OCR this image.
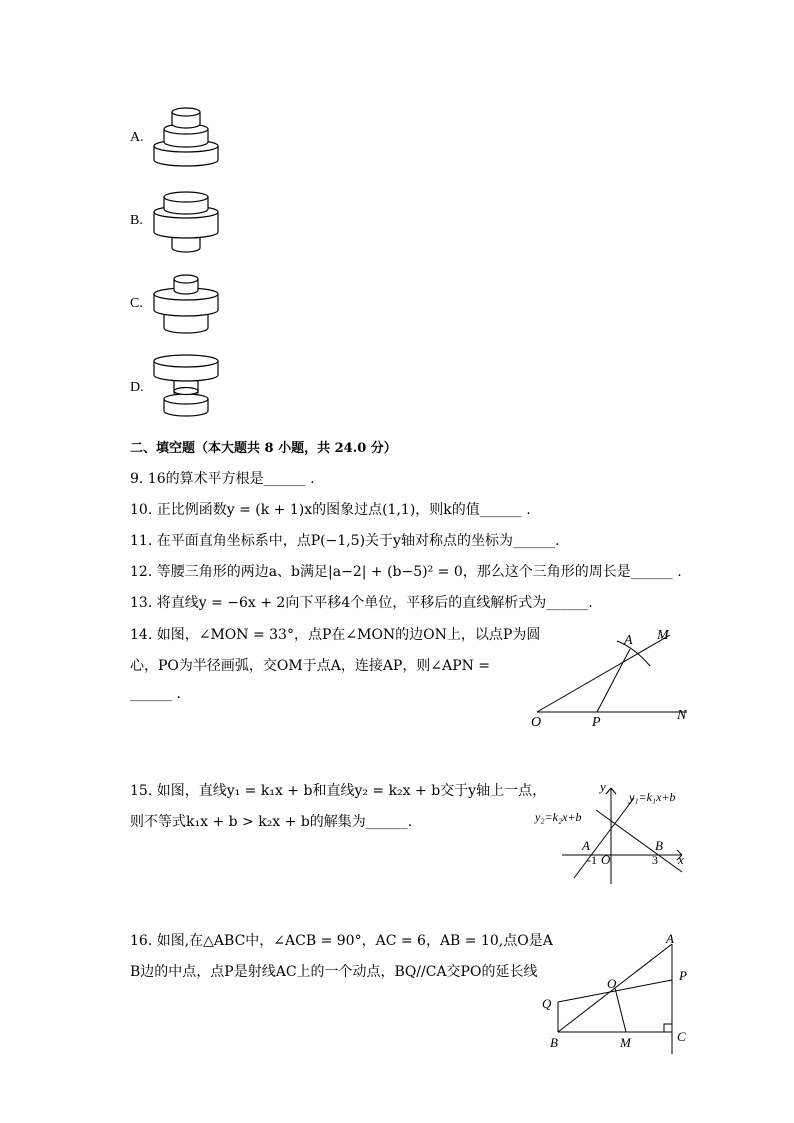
A.
B.
C.
D.
二、填空题（本大题共 8 小题，共 24.0 分）
9. 16的算术平方根是______ .
10. 正比例函数y = (k + 1)x的图象过点(1,1)，则k的值______ .
11. 在平面直角坐标系中，点P(−1,5)关于y轴对称点的坐标为______.
12. 等腰三角形的两边a、b满足|a−2| + (b−5)² = 0，那么这个三角形的周长是______ .
13. 将直线y = −6x + 2向下平移4个单位，平移后的直线解析式为______.
14. 如图，∠MON = 33°，点P在∠MON的边ON上，以点P为圆
心，PO为半径画弧，交OM于点A，连接AP，则∠APN =
______ .
O	P	N
A M
15. 如图，直线y₁ = k₁x + b和直线y₂ = k₂x + b交于y轴上一点，
则不等式k₁x + b > k₂x + b的解集为______.
y
x
O
A	B
-1	3
y₁=k₁x+b
y₂=k₂x+b
16. 如图,在△ABC中，∠ACB = 90°，AC = 6，AB = 10,点O是A
B边的中点，点P是射线AC上的一个动点，BQ//CA交PO的延长线
A
P
O
Q
B	M	C
